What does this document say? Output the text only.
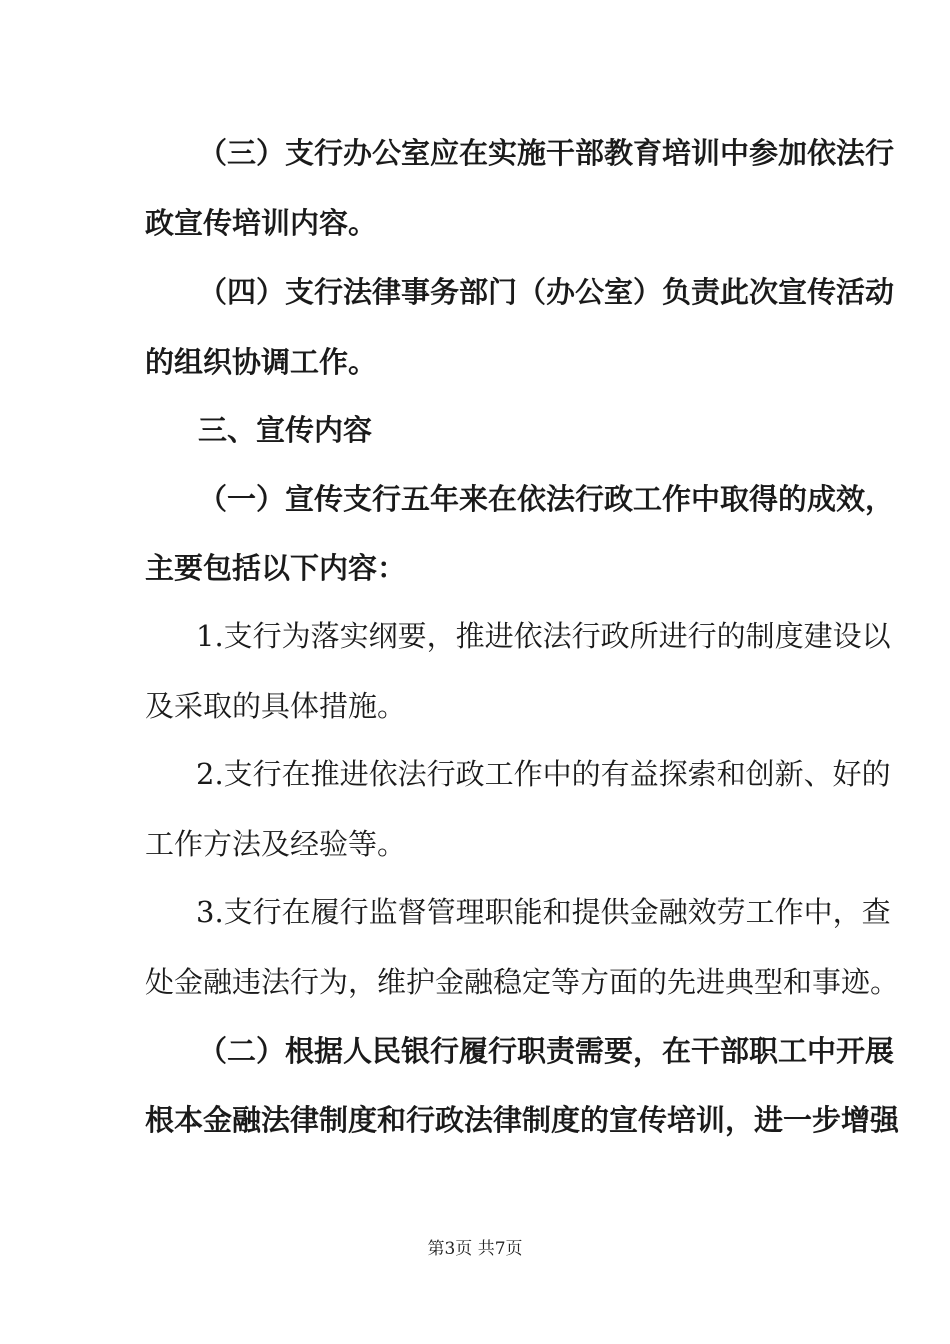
（三）支行办公室应在实施干部教育培训中参加依法行
政宣传培训内容。
（四）支行法律事务部门（办公室）负责此次宣传活动
的组织协调工作。
三、宣传内容
（一）宣传支行五年来在依法行政工作中取得的成效，
主要包括以下内容：
1.支行为落实纲要，推进依法行政所进行的制度建设以
及采取的具体措施。
2.支行在推进依法行政工作中的有益探索和创新、好的
工作方法及经验等。
3.支行在履行监督管理职能和提供金融效劳工作中，查
处金融违法行为，维护金融稳定等方面的先进典型和事迹。
（二）根据人民银行履行职责需要，在干部职工中开展
根本金融法律制度和行政法律制度的宣传培训，进一步增强
第3页 共7页
